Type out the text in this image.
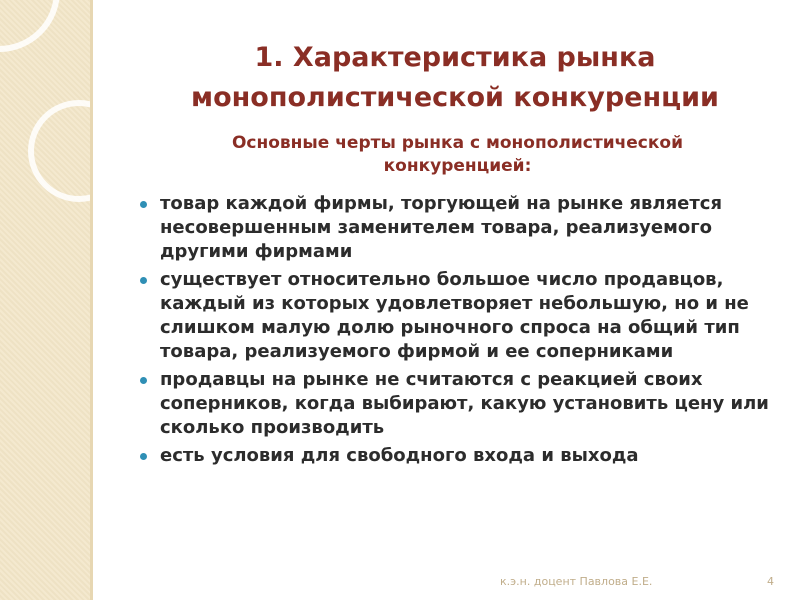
1. Характеристика рынка
монополистической конкуренции
Основные черты рынка с монополистической
конкуренцией:
товар каждой фирмы, торгующей на рынке является несовершенным заменителем товара, реализуемого другими фирмами
существует относительно большое число продавцов, каждый из которых удовлетворяет небольшую, но и не слишком малую долю рыночного спроса на общий тип товара, реализуемого фирмой и ее соперниками
продавцы на рынке не считаются с реакцией своих соперников, когда выбирают, какую установить цену или сколько производить
есть условия для свободного входа и выхода
к.э.н. доцент Павлова Е.Е.	4
